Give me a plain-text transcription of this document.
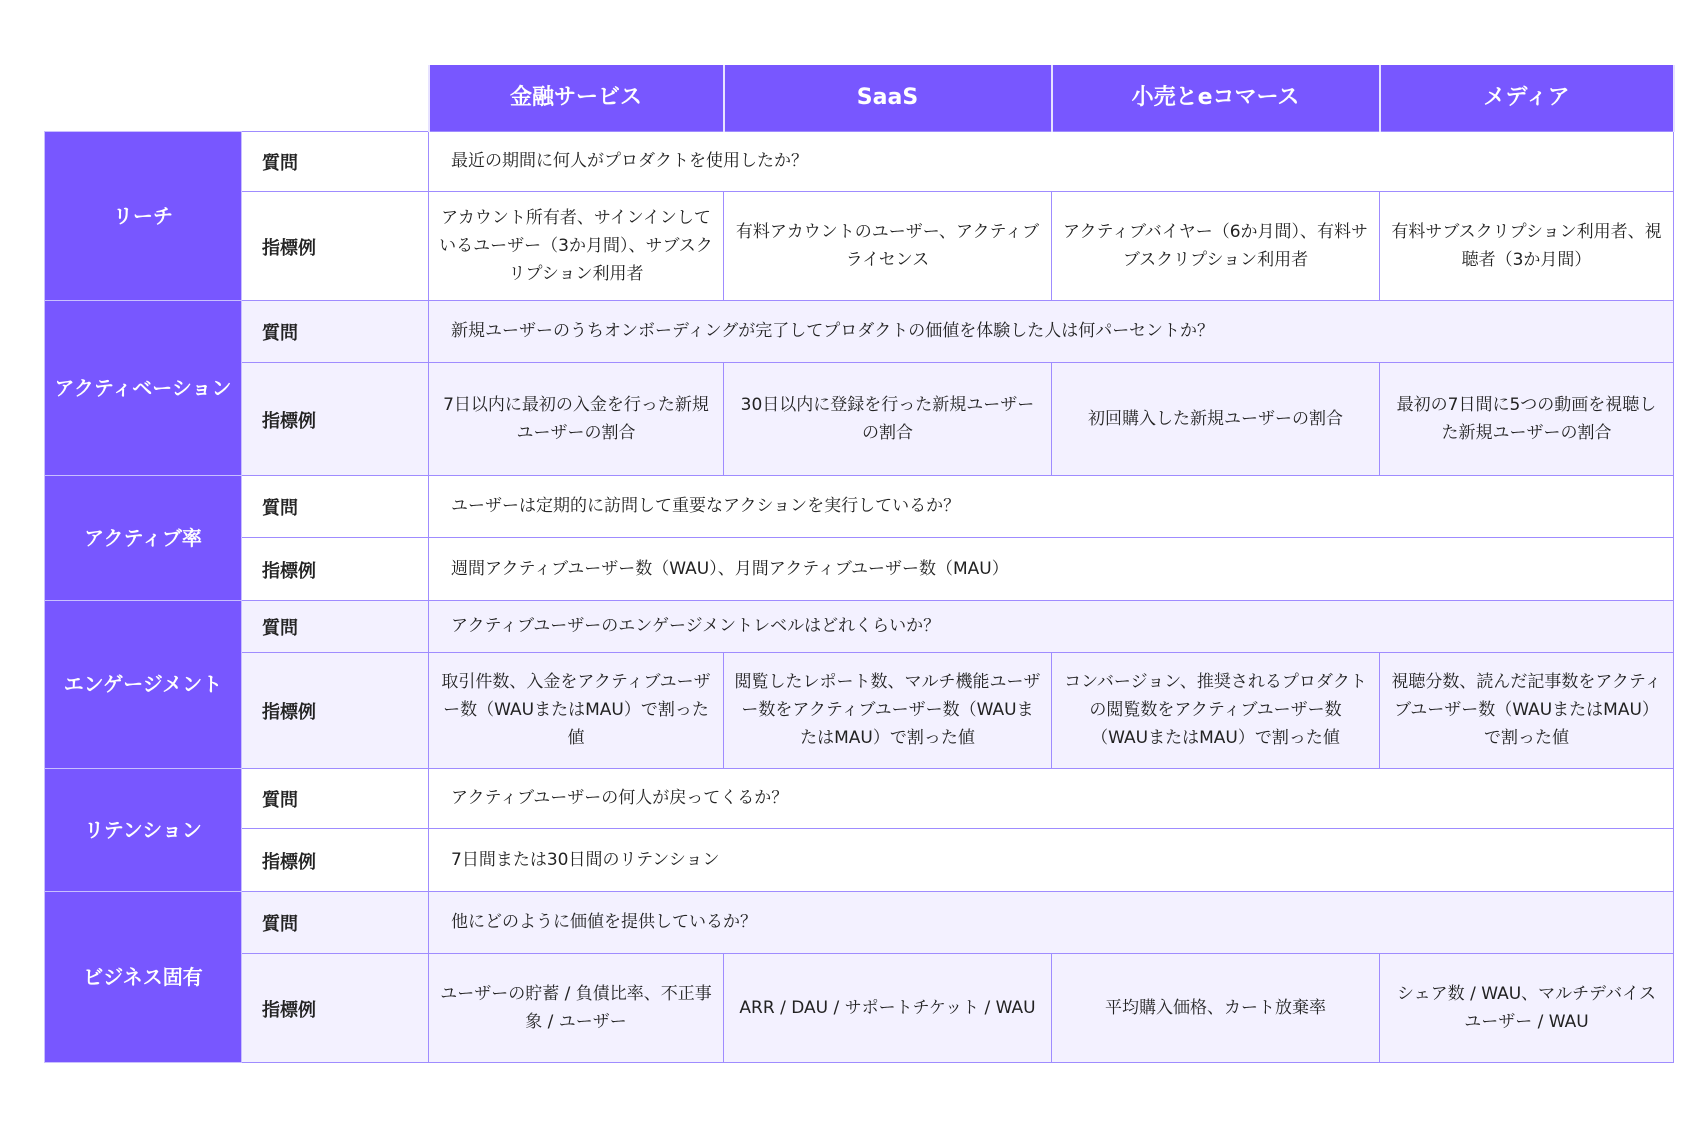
		金融サービス	SaaS	小売とeコマース	メディア
リーチ	質問	最近の期間に何人がプロダクトを使用したか？			
	指標例	アカウント所有者、サインインしているユーザー（3か月間）、サブスクリプション利用者	有料アカウントのユーザー、アクティブライセンス	アクティブバイヤー（6か月間）、有料サブスクリプション利用者	有料サブスクリプション利用者、視聴者（3か月間）
アクティベーション	質問	新規ユーザーのうちオンボーディングが完了してプロダクトの価値を体験した人は何パーセントか？			
	指標例	7日以内に最初の入金を行った新規ユーザーの割合	30日以内に登録を行った新規ユーザーの割合	初回購入した新規ユーザーの割合	最初の7日間に5つの動画を視聴した新規ユーザーの割合
アクティブ率	質問	ユーザーは定期的に訪問して重要なアクションを実行しているか？			
	指標例	週間アクティブユーザー数（WAU）、月間アクティブユーザー数（MAU）			
エンゲージメント	質問	アクティブユーザーのエンゲージメントレベルはどれくらいか？			
	指標例	取引件数、入金をアクティブユーザー数（WAUまたはMAU）で割った値	閲覧したレポート数、マルチ機能ユーザー数をアクティブユーザー数（WAUまたはMAU）で割った値	コンバージョン、推奨されるプロダクトの閲覧数をアクティブユーザー数（WAUまたはMAU）で割った値	視聴分数、読んだ記事数をアクティブユーザー数（WAUまたはMAU）で割った値
リテンション	質問	アクティブユーザーの何人が戻ってくるか？			
	指標例	7日間または30日間のリテンション			
ビジネス固有	質問	他にどのように価値を提供しているか？			
	指標例	ユーザーの貯蓄 / 負債比率、不正事象 / ユーザー	ARR / DAU / サポートチケット / WAU	平均購入価格、カート放棄率	シェア数 / WAU、マルチデバイスユーザー / WAU
